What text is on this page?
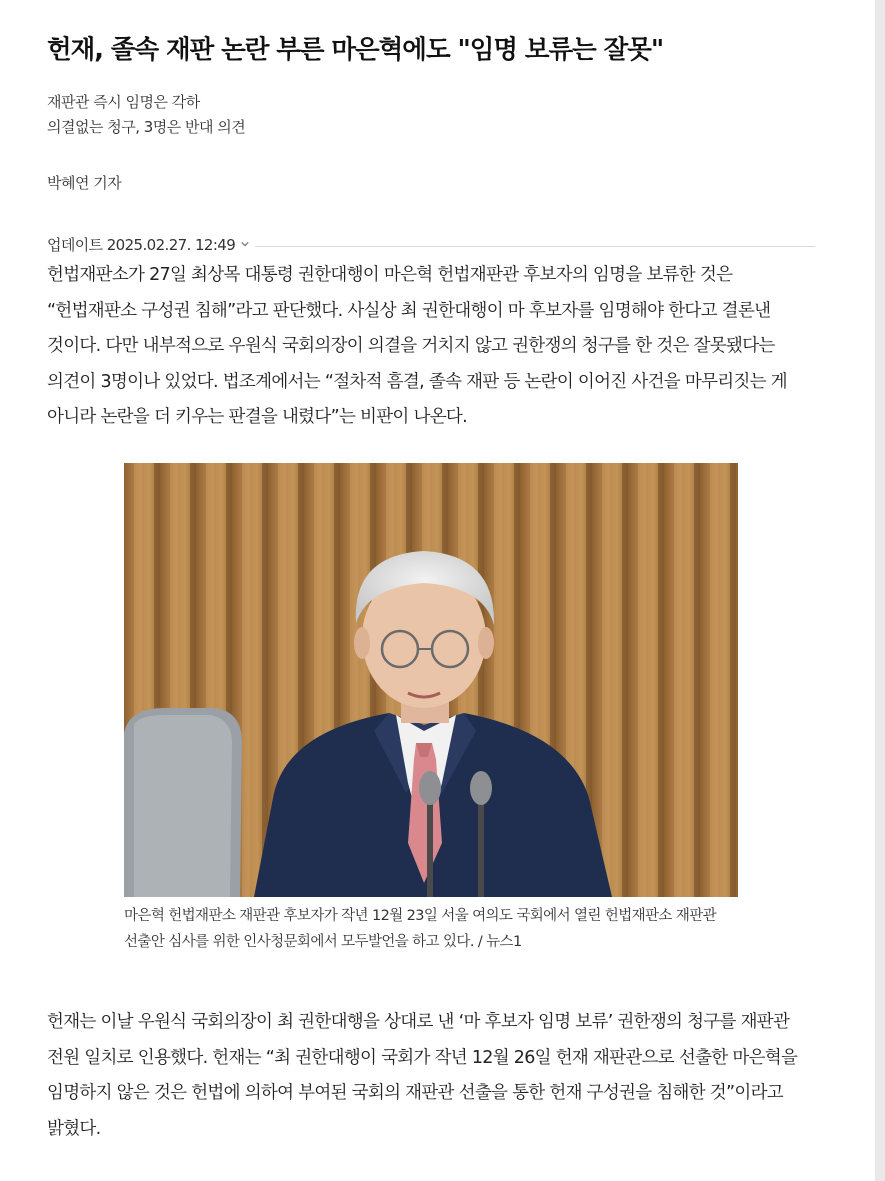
헌재, 졸속 재판 논란 부른 마은혁에도 "임명 보류는 잘못"
재판관 즉시 임명은 각하
의결없는 청구, 3명은 반대 의견
박혜연 기자
업데이트 2025.02.27. 12:49

헌법재판소가 27일 최상목 대통령 권한대행이 마은혁 헌법재판관 후보자의 임명을 보류한 것은 “헌법재판소 구성권 침해”라고 판단했다. 사실상 최 권한대행이 마 후보자를 임명해야 한다고 결론낸 것이다. 다만 내부적으로 우원식 국회의장이 의결을 거치지 않고 권한쟁의 청구를 한 것은 잘못됐다는 의견이 3명이나 있었다. 법조계에서는 “절차적 흠결, 졸속 재판 등 논란이 이어진 사건을 마무리짓는 게 아니라 논란을 더 키우는 판결을 내렸다”는 비판이 나온다.

마은혁 헌법재판소 재판관 후보자가 작년 12월 23일 서울 여의도 국회에서 열린 헌법재판소 재판관 선출안 심사를 위한 인사청문회에서 모두발언을 하고 있다. / 뉴스1

헌재는 이날 우원식 국회의장이 최 권한대행을 상대로 낸 ‘마 후보자 임명 보류’ 권한쟁의 청구를 재판관 전원 일치로 인용했다. 헌재는 “최 권한대행이 국회가 작년 12월 26일 헌재 재판관으로 선출한 마은혁을 임명하지 않은 것은 헌법에 의하여 부여된 국회의 재판관 선출을 통한 헌재 구성권을 침해한 것”이라고 밝혔다.
